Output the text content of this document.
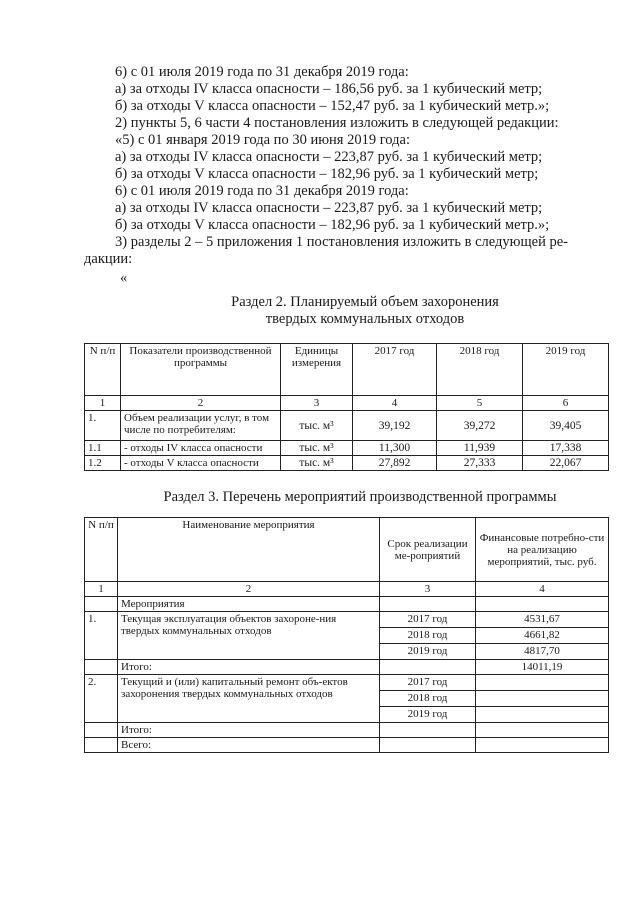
6) с 01 июля 2019 года по 31 декабря 2019 года:
а) за отходы IV класса опасности – 186,56 руб. за 1 кубический метр;
б) за отходы V класса опасности – 152,47 руб. за 1 кубический метр.»;
2) пункты 5, 6 части 4 постановления изложить в следующей редакции:
«5) с 01 января 2019 года по 30 июня 2019 года:
а) за отходы IV класса опасности – 223,87 руб. за 1 кубический метр;
б) за отходы V класса опасности – 182,96 руб. за 1 кубический метр;
6) с 01 июля 2019 года по 31 декабря 2019 года:
а) за отходы IV класса опасности – 223,87 руб. за 1 кубический метр;
б) за отходы V класса опасности – 182,96 руб. за 1 кубический метр.»;
3) разделы 2 – 5 приложения 1 постановления изложить в следующей ре-
дакции:
«
Раздел 2. Планируемый объем захоронения
твердых коммунальных отходов
N п/п	Показатели производственной программы	Единицы измерения	2017 год	2018 год	2019 год
1	2	3	4	5	6
1.	Объем реализации услуг, в том числе по потребителям:	тыс. м³	39,192	39,272	39,405
1.1	- отходы IV класса опасности	тыс. м³	11,300	11,939	17,338
1.2	- отходы V класса опасности	тыс. м³	27,892	27,333	22,067
Раздел 3. Перечень мероприятий производственной программы
N п/п	Наименование мероприятия	Срок реализации ме-роприятий	Финансовые потребно-сти на реализацию мероприятий, тыс. руб.
1	2	3	4
	Мероприятия		
1.	Текущая эксплуатация объектов захороне-ния твердых коммунальных отходов	2017 год	4531,67
		2018 год	4661,82
		2019 год	4817,70
	Итого:		14011,19
2.	Текущий и (или) капитальный ремонт объ-ектов захоронения твердых коммунальных отходов	2017 год	
		2018 год	
		2019 год	
	Итого:		
	Всего:		
